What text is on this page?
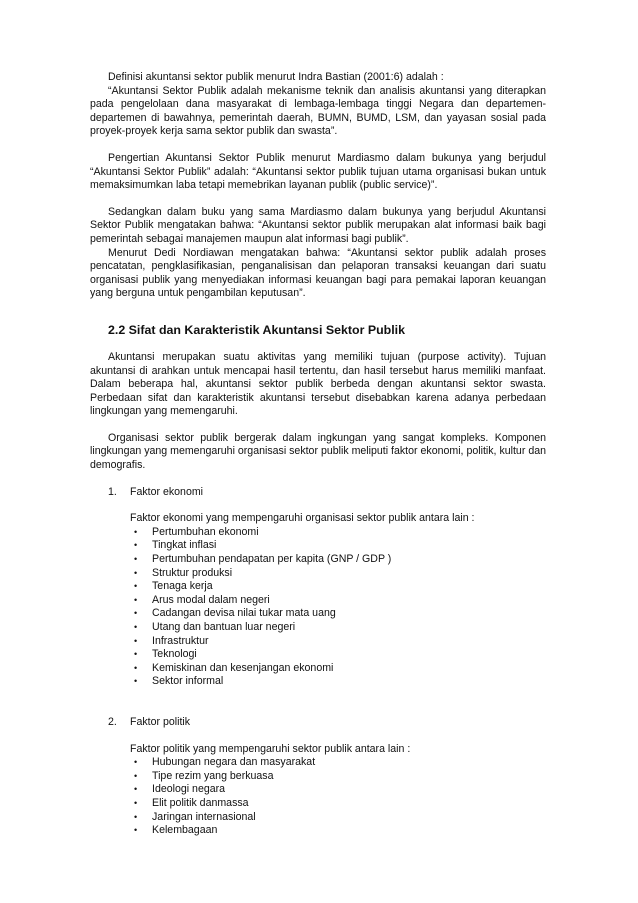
Definisi akuntansi sektor publik menurut Indra Bastian (2001:6) adalah :

“Akuntansi Sektor Publik adalah mekanisme teknik dan analisis akuntansi yang diterapkan pada pengelolaan dana masyarakat di lembaga-lembaga tinggi Negara dan departemen-departemen di bawahnya, pemerintah daerah, BUMN, BUMD, LSM, dan yayasan sosial pada proyek-proyek kerja sama sektor publik dan swasta”.

Pengertian Akuntansi Sektor Publik menurut Mardiasmo dalam bukunya yang berjudul “Akuntansi Sektor Publik” adalah: “Akuntansi sektor publik tujuan utama organisasi bukan untuk memaksimumkan laba tetapi memebrikan layanan publik (public service)”.

Sedangkan dalam buku yang sama Mardiasmo dalam bukunya yang berjudul Akuntansi Sektor Publik mengatakan bahwa: “Akuntansi sektor publik merupakan alat informasi baik bagi pemerintah sebagai manajemen maupun alat informasi bagi publik”.

Menurut Dedi Nordiawan mengatakan bahwa: “Akuntansi sektor publik adalah proses pencatatan, pengklasifikasian, penganalisisan dan pelaporan transaksi keuangan dari suatu organisasi publik yang menyediakan informasi keuangan bagi para pemakai laporan keuangan yang berguna untuk pengambilan keputusan”.

2.2 Sifat dan Karakteristik Akuntansi Sektor Publik

Akuntansi merupakan suatu aktivitas yang memiliki tujuan (purpose activity). Tujuan akuntansi di arahkan untuk mencapai hasil tertentu, dan hasil tersebut harus memiliki manfaat. Dalam beberapa hal, akuntansi sektor publik berbeda dengan akuntansi sektor swasta. Perbedaan sifat dan karakteristik akuntansi tersebut disebabkan karena adanya perbedaan lingkungan yang memengaruhi.

Organisasi sektor publik bergerak dalam ingkungan yang sangat kompleks. Komponen lingkungan yang memengaruhi organisasi sektor publik meliputi faktor ekonomi, politik, kultur dan demografis.

1.	Faktor ekonomi

Faktor ekonomi yang mempengaruhi organisasi sektor publik antara lain :

•	Pertumbuhan ekonomi
•	Tingkat inflasi
•	Pertumbuhan pendapatan per kapita (GNP / GDP )
•	Struktur produksi
•	Tenaga kerja
•	Arus modal dalam negeri
•	Cadangan devisa nilai tukar mata uang
•	Utang dan bantuan luar negeri
•	Infrastruktur
•	Teknologi
•	Kemiskinan dan kesenjangan ekonomi
•	Sektor informal
2.	Faktor politik

Faktor politik yang mempengaruhi sektor publik antara lain :

•	Hubungan negara dan masyarakat
•	Tipe rezim yang berkuasa
•	Ideologi negara
•	Elit politik danmassa
•	Jaringan internasional
•	Kelembagaan
